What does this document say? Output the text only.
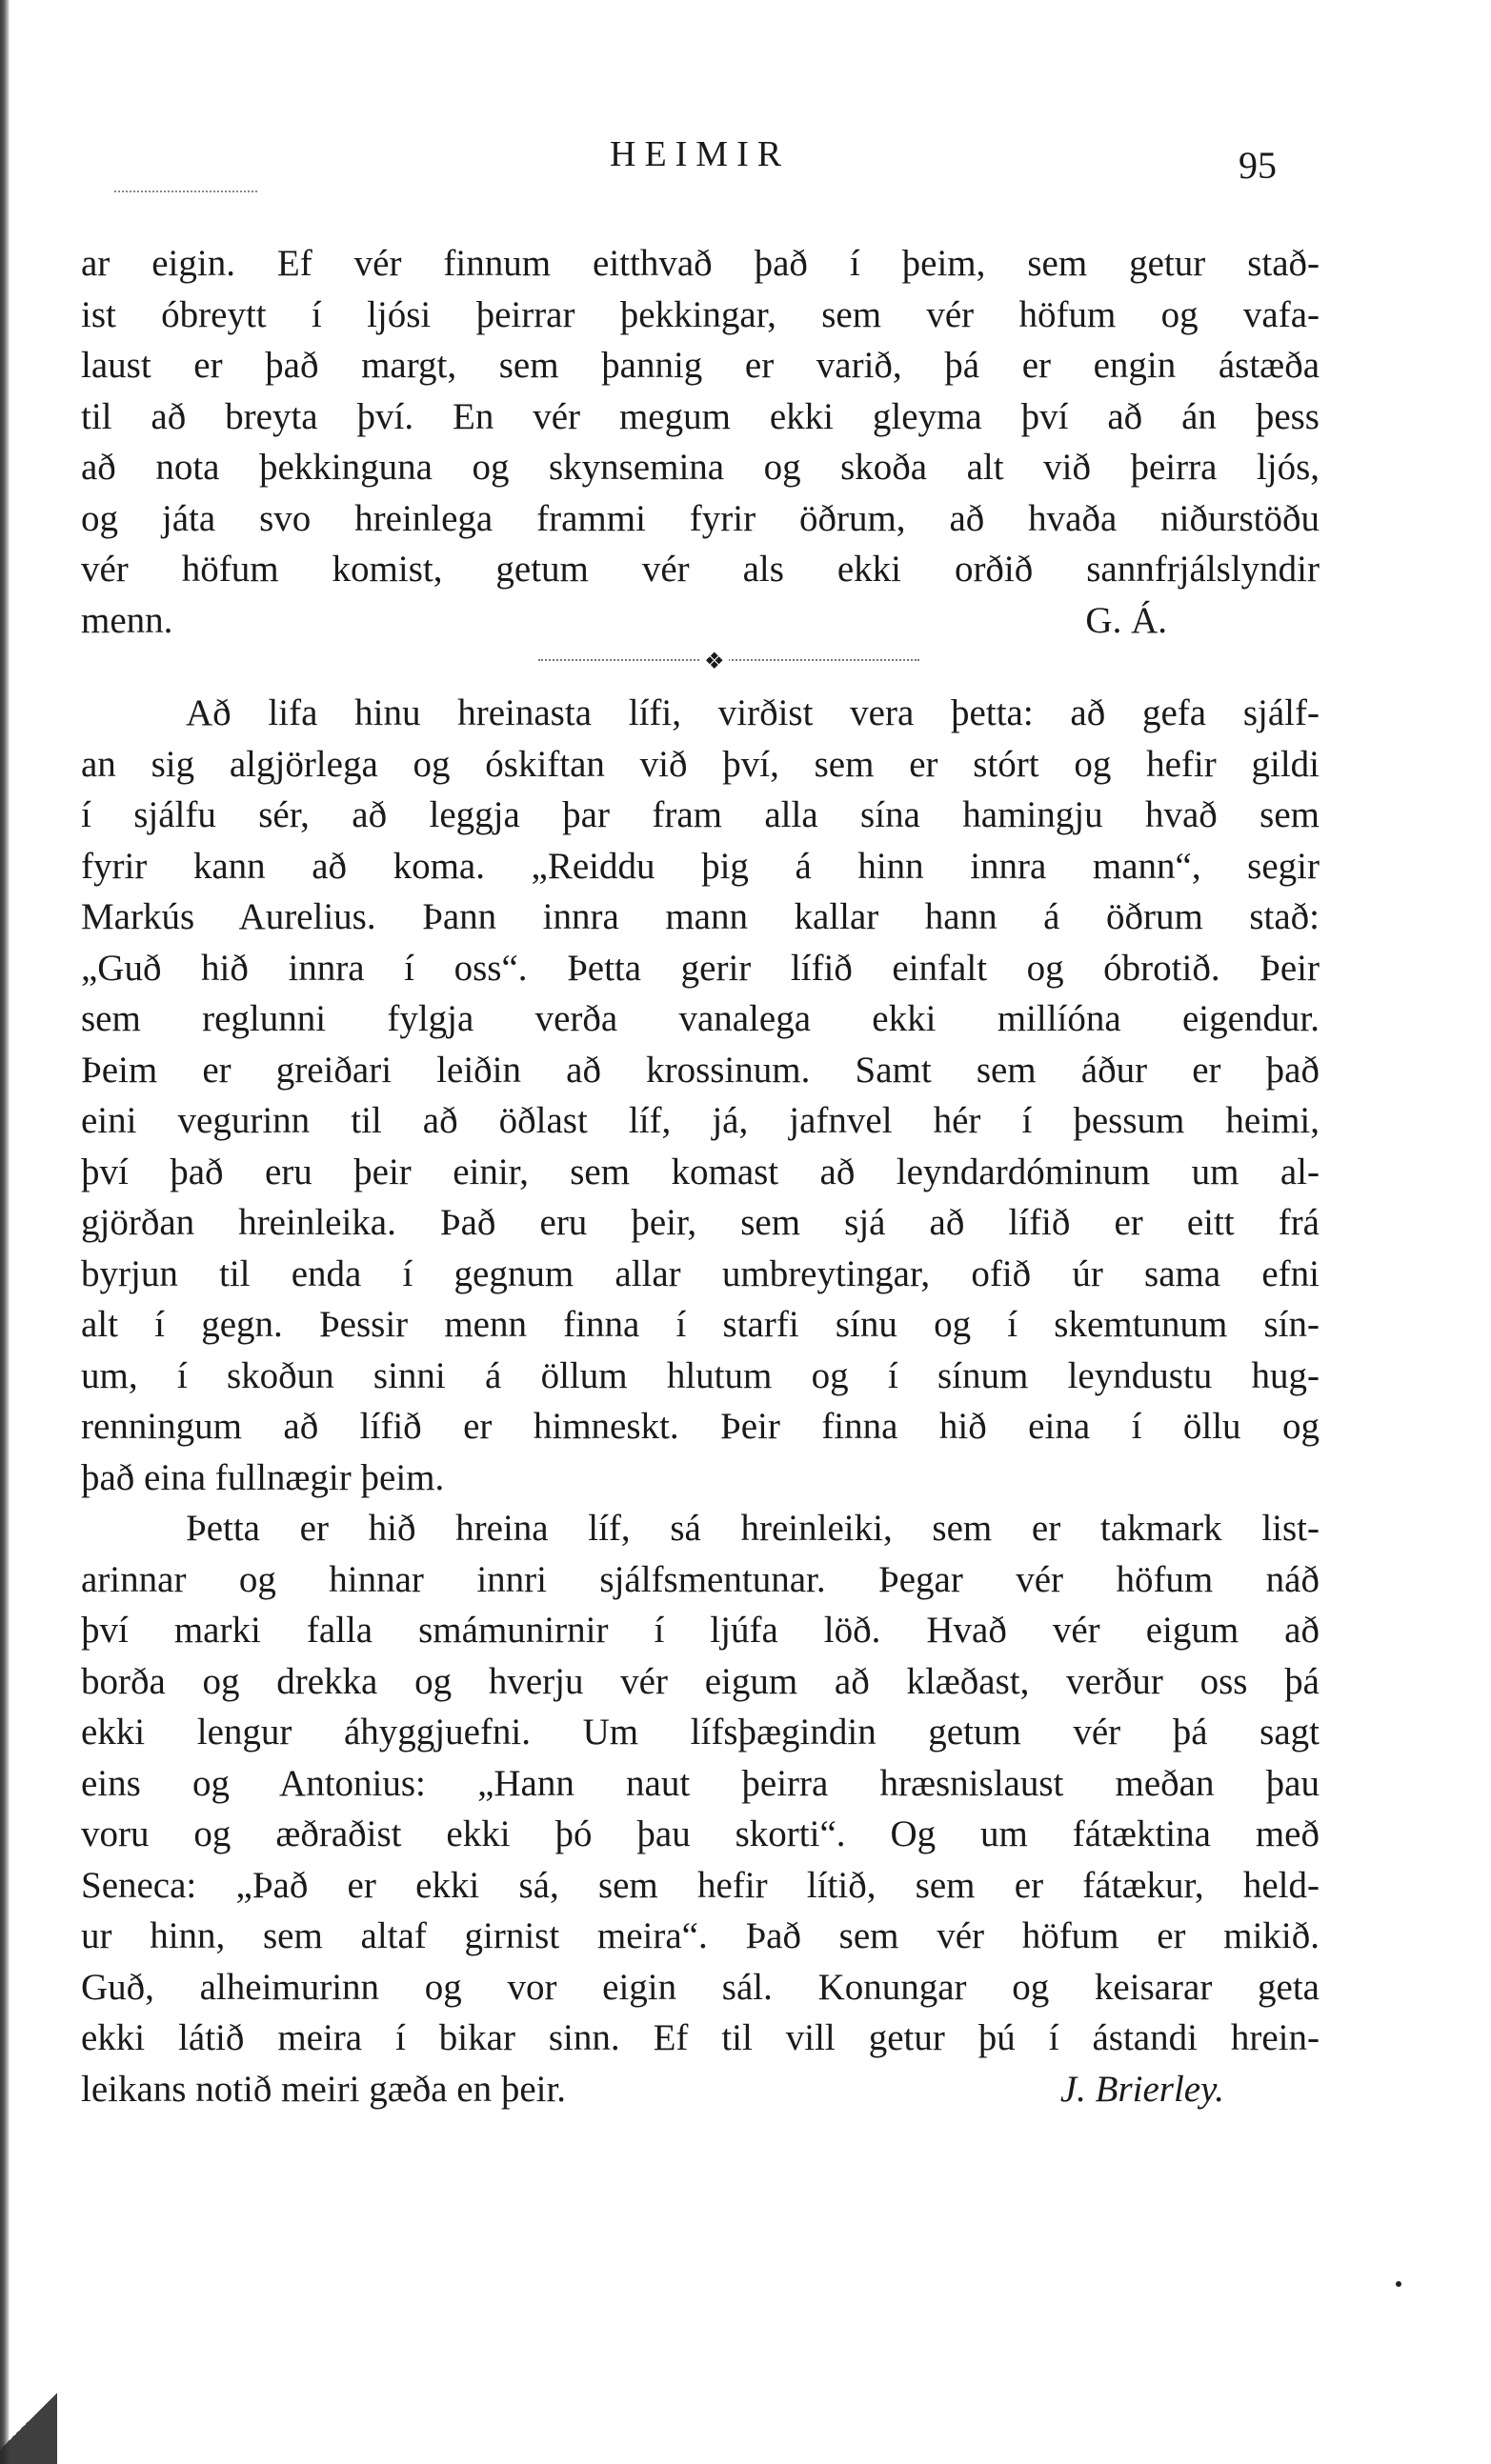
HEIMIR	95
ar eigin. Ef vér finnum eitthvað það í þeim, sem getur stað-
ist óbreytt í ljósi þeirrar þekkingar, sem vér höfum og vafa-
laust er það margt, sem þannig er varið, þá er engin ástæða
til að breyta því. En vér megum ekki gleyma því að án þess
að nota þekkinguna og skynsemina og skoða alt við þeirra ljós,
og játa svo hreinlega frammi fyrir öðrum, að hvaða niðurstöðu
vér höfum komist, getum vér als ekki orðið sannfrjálslyndir
menn.	G. Á.
❖
Að lifa hinu hreinasta lífi, virðist vera þetta: að gefa sjálf-
an sig algjörlega og óskiftan við því, sem er stórt og hefir gildi
í sjálfu sér, að leggja þar fram alla sína hamingju hvað sem
fyrir kann að koma. „Reiddu þig á hinn innra mann“, segir
Markús Aurelius. Þann innra mann kallar hann á öðrum stað:
„Guð hið innra í oss“. Þetta gerir lífið einfalt og óbrotið. Þeir
sem reglunni fylgja verða vanalega ekki millíóna eigendur.
Þeim er greiðari leiðin að krossinum. Samt sem áður er það
eini vegurinn til að öðlast líf, já, jafnvel hér í þessum heimi,
því það eru þeir einir, sem komast að leyndardóminum um al-
gjörðan hreinleika. Það eru þeir, sem sjá að lífið er eitt frá
byrjun til enda í gegnum allar umbreytingar, ofið úr sama efni
alt í gegn. Þessir menn finna í starfi sínu og í skemtunum sín-
um, í skoðun sinni á öllum hlutum og í sínum leyndustu hug-
renningum að lífið er himneskt. Þeir finna hið eina í öllu og
það eina fullnægir þeim.
Þetta er hið hreina líf, sá hreinleiki, sem er takmark list-
arinnar og hinnar innri sjálfsmentunar. Þegar vér höfum náð
því marki falla smámunirnir í ljúfa löð. Hvað vér eigum að
borða og drekka og hverju vér eigum að klæðast, verður oss þá
ekki lengur áhyggjuefni. Um lífsþægindin getum vér þá sagt
eins og Antonius: „Hann naut þeirra hræsnislaust meðan þau
voru og æðraðist ekki þó þau skorti“. Og um fátæktina með
Seneca: „Það er ekki sá, sem hefir lítið, sem er fátækur, held-
ur hinn, sem altaf girnist meira“. Það sem vér höfum er mikið.
Guð, alheimurinn og vor eigin sál. Konungar og keisarar geta
ekki látið meira í bikar sinn. Ef til vill getur þú í ástandi hrein-
leikans notið meiri gæða en þeir.	J. Brierley.
